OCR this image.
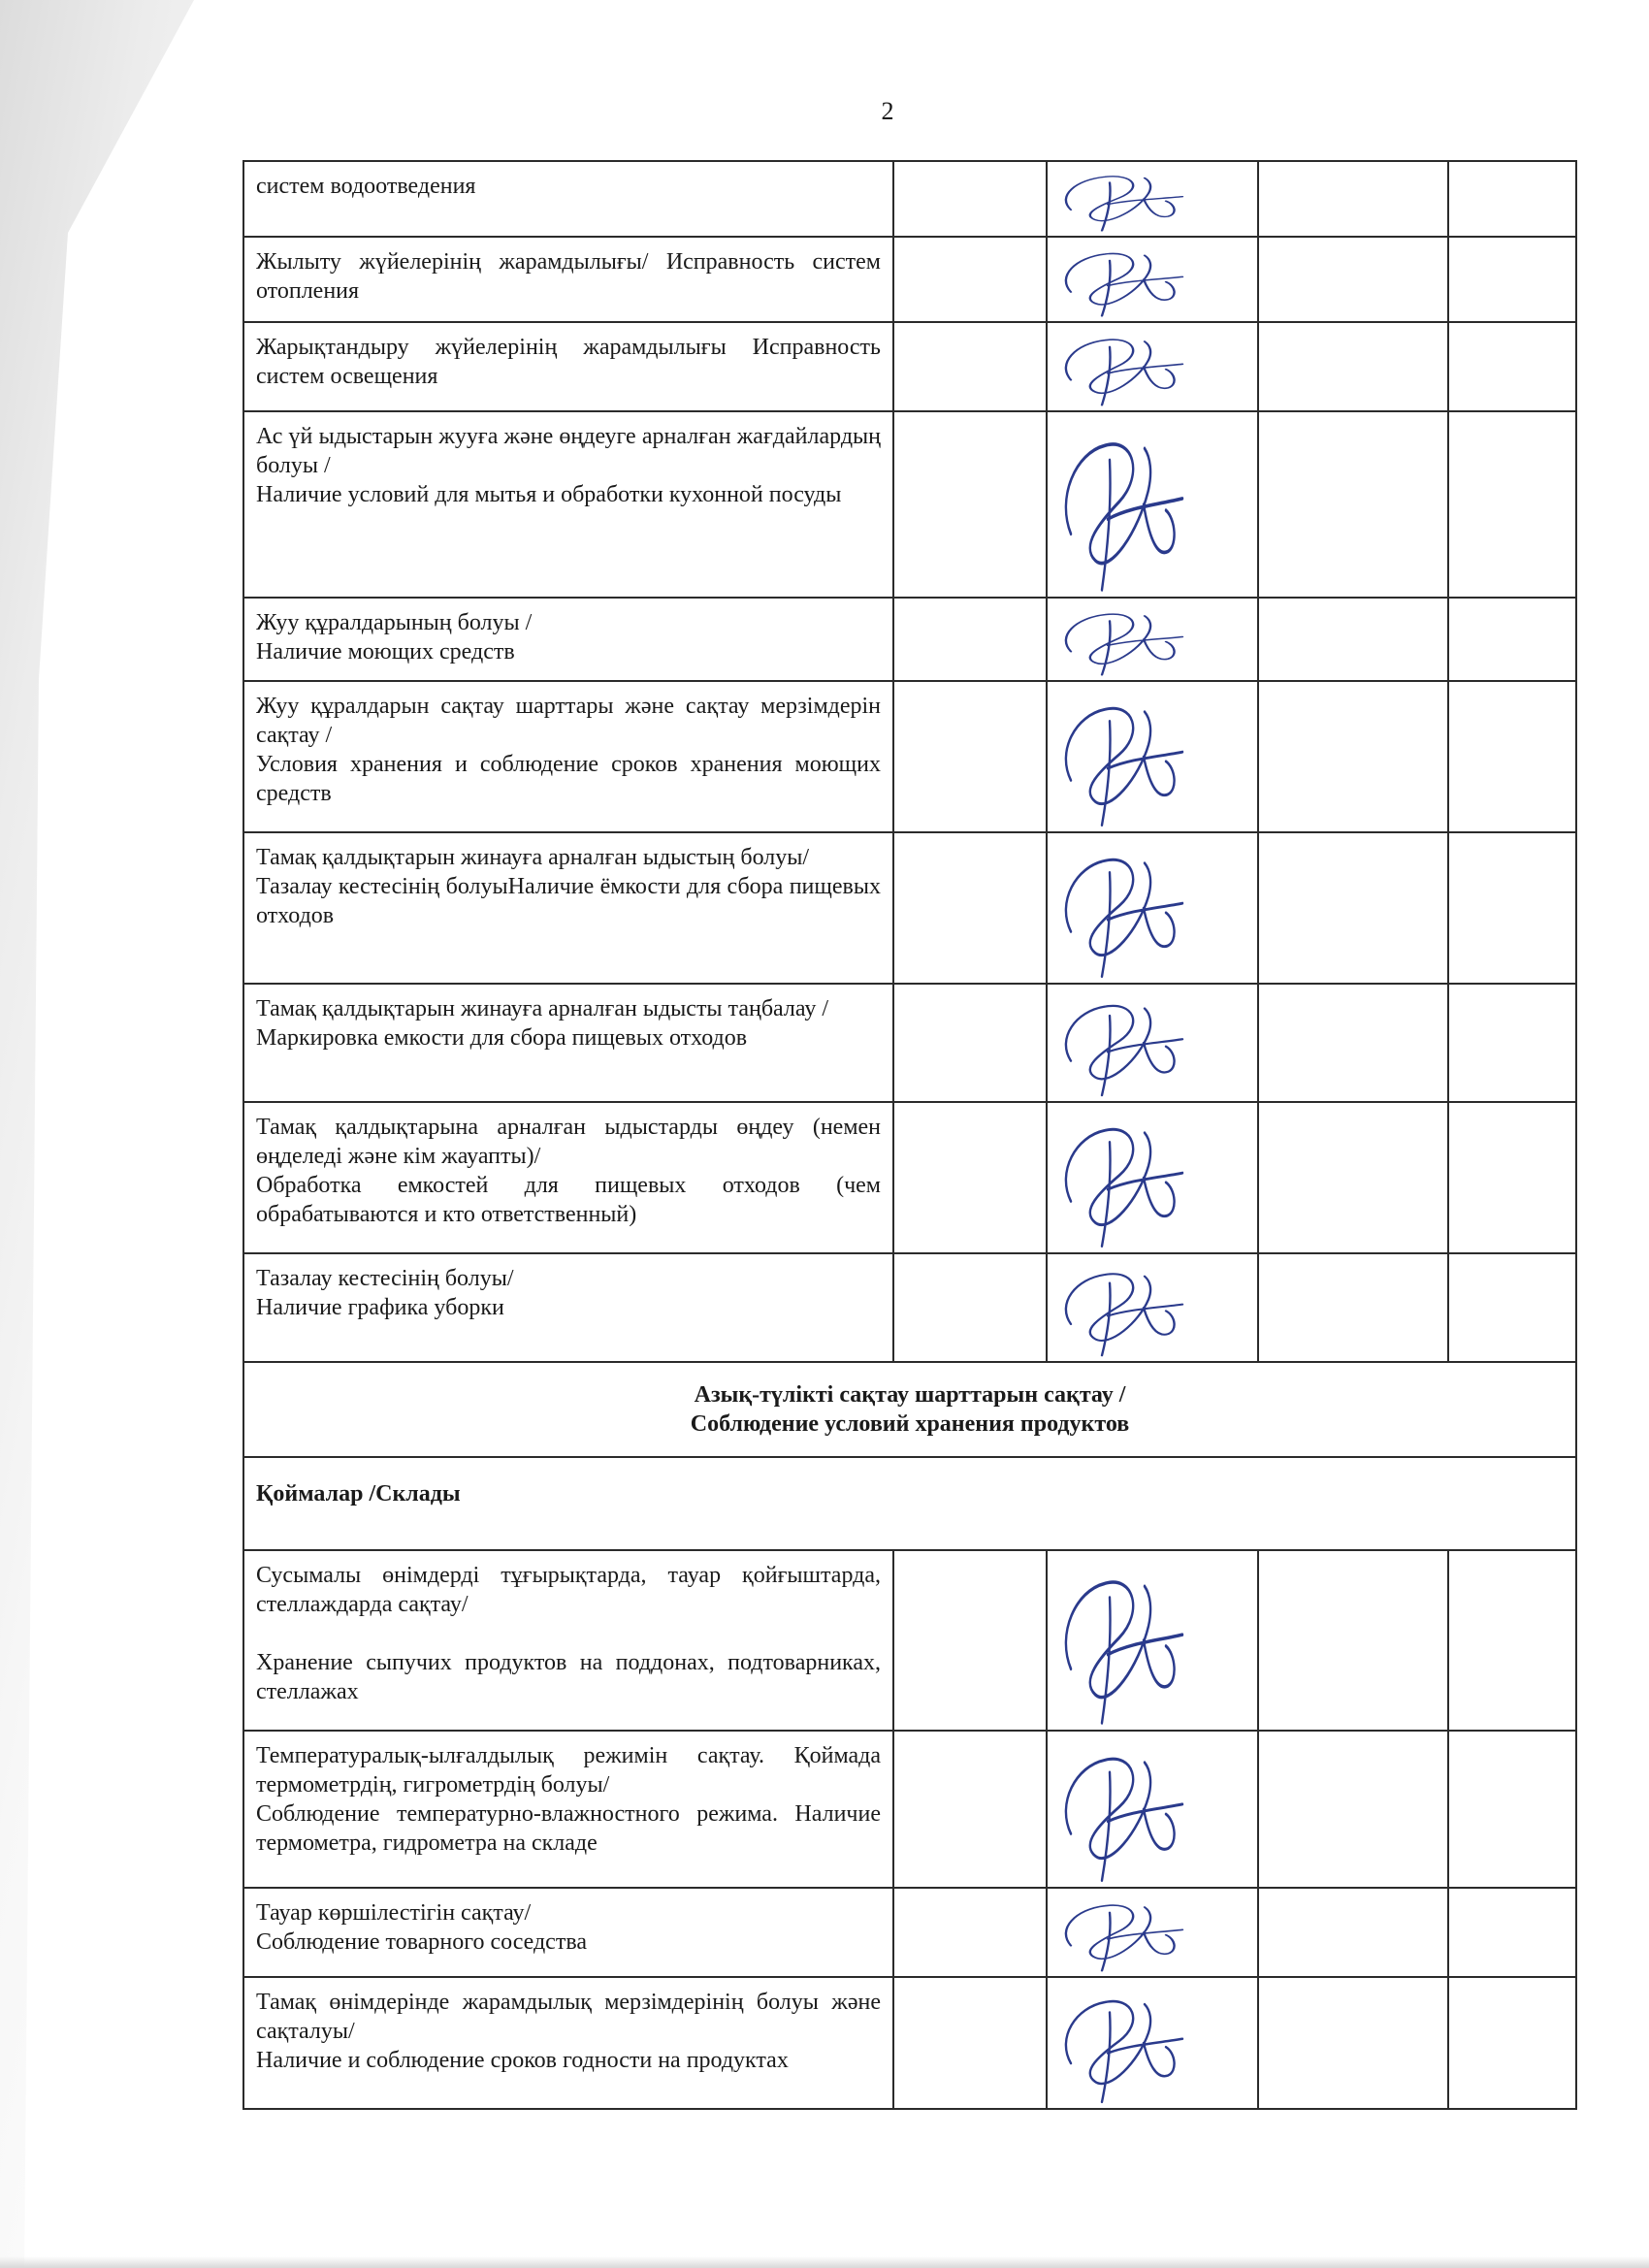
2
систем водоотведения

Жылыту жүйелерінің жарамдылығы/ Исправность систем отопления

Жарықтандыру жүйелерінің жарамдылығы Исправность систем освещения

Ас үй ыдыстарын жууға және өңдеуге арналған жағдайлардың болуы /
Наличие условий для мытья и обработки кухонной посуды

Жуу құралдарының болуы /
Наличие моющих средств

Жуу құралдарын сақтау шарттары және сақтау мерзімдерін сақтау /
Условия хранения и соблюдение сроков хранения моющих средств

Тамақ қалдықтарын жинауға арналған ыдыстың болуы/
Тазалау кестесінің болуыНаличие ёмкости для сбора пищевых отходов

Тамақ қалдықтарын жинауға арналған ыдысты таңбалау /
Маркировка емкости для сбора пищевых отходов

Тамақ қалдықтарына арналған ыдыстарды өңдеу (немен өңделеді және кім жауапты)/
Обработка емкостей для пищевых отходов (чем обрабатываются и кто ответственный)

Тазалау кестесінің болуы/
Наличие графика уборки

Азық-түлікті сақтау шарттарын сақтау /
Соблюдение условий хранения продуктов				

Қоймалар /Склады				

Сусымалы өнімдерді тұғырықтарда, тауар қойғыштарда, стеллаждарда сақтау/

Хранение сыпучих продуктов на поддонах, подтоварниках, стеллажах

Температуралық-ылғалдылық режимін сақтау. Қоймада термометрдің, гигрометрдің болуы/
Соблюдение температурно-влажностного режима. Наличие термометра, гидрометра на складе

Тауар көршілестігін сақтау/
Соблюдение товарного соседства

Тамақ өнімдерінде жарамдылық мерзімдерінің болуы және сақталуы/
Наличие и соблюдение сроков годности на продуктах
